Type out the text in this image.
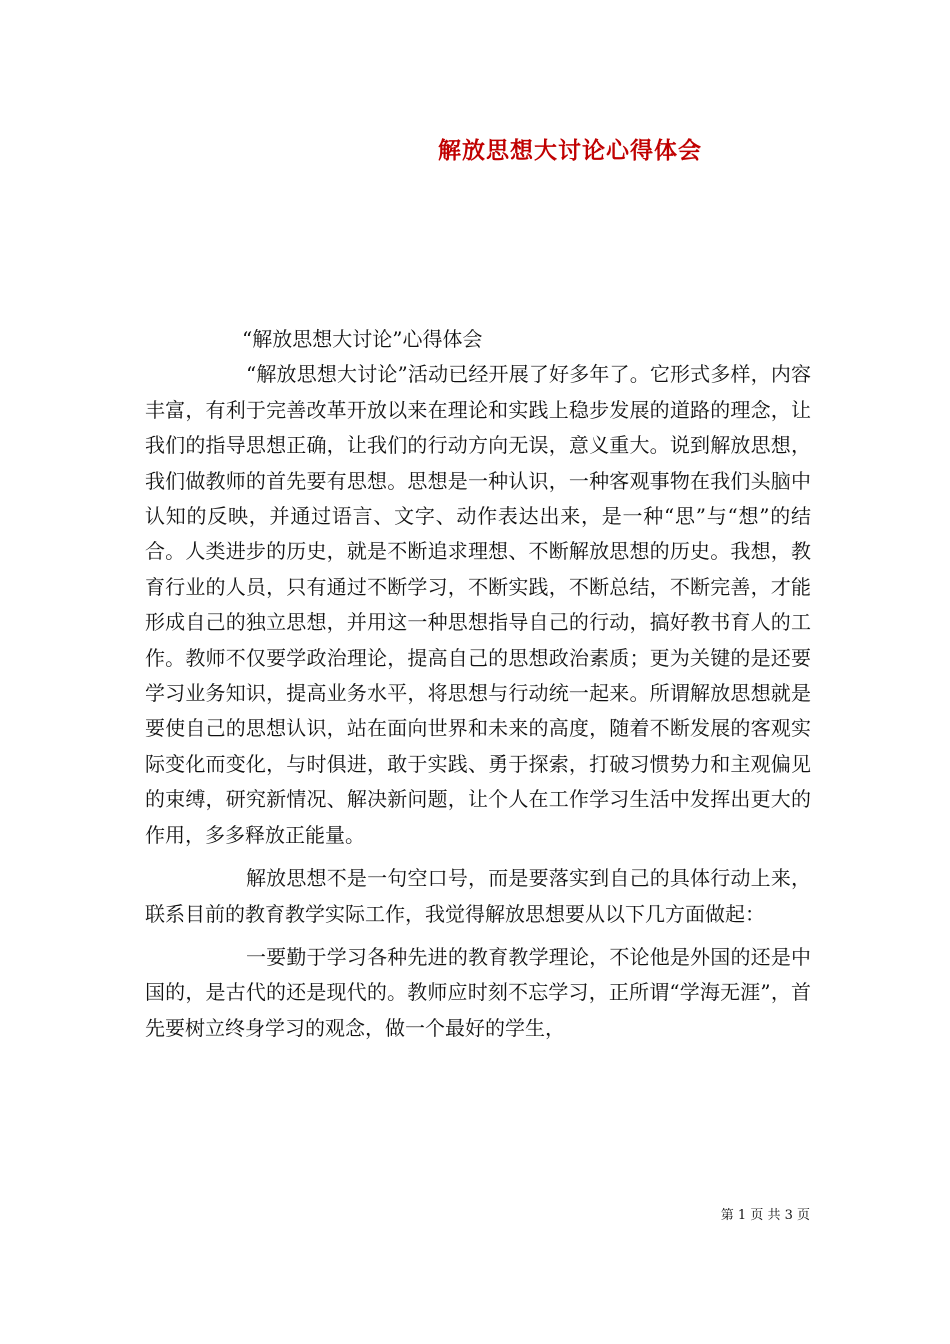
解放思想大讨论心得体会

“解放思想大讨论”心得体会

“解放思想大讨论”活动已经开展了好多年了。它形式多样，内容丰富，有利于完善改革开放以来在理论和实践上稳步发展的道路的理念，让我们的指导思想正确，让我们的行动方向无误，意义重大。说到解放思想，我们做教师的首先要有思想。思想是一种认识，一种客观事物在我们头脑中认知的反映，并通过语言、文字、动作表达出来，是一种“思”与“想”的结合。人类进步的历史，就是不断追求理想、不断解放思想的历史。我想，教育行业的人员，只有通过不断学习，不断实践，不断总结，不断完善，才能形成自己的独立思想，并用这一种思想指导自己的行动，搞好教书育人的工作。教师不仅要学政治理论，提高自己的思想政治素质；更为关键的是还要学习业务知识，提高业务水平，将思想与行动统一起来。所谓解放思想就是要使自己的思想认识，站在面向世界和未来的高度，随着不断发展的客观实际变化而变化，与时俱进，敢于实践、勇于探索，打破习惯势力和主观偏见的束缚，研究新情况、解决新问题，让个人在工作学习生活中发挥出更大的作用，多多释放正能量。

解放思想不是一句空口号，而是要落实到自己的具体行动上来，联系目前的教育教学实际工作，我觉得解放思想要从以下几方面做起：

一要勤于学习各种先进的教育教学理论，不论他是外国的还是中国的，是古代的还是现代的。教师应时刻不忘学习，正所谓“学海无涯”，首先要树立终身学习的观念，做一个最好的学生，

第 1 页 共 3 页
